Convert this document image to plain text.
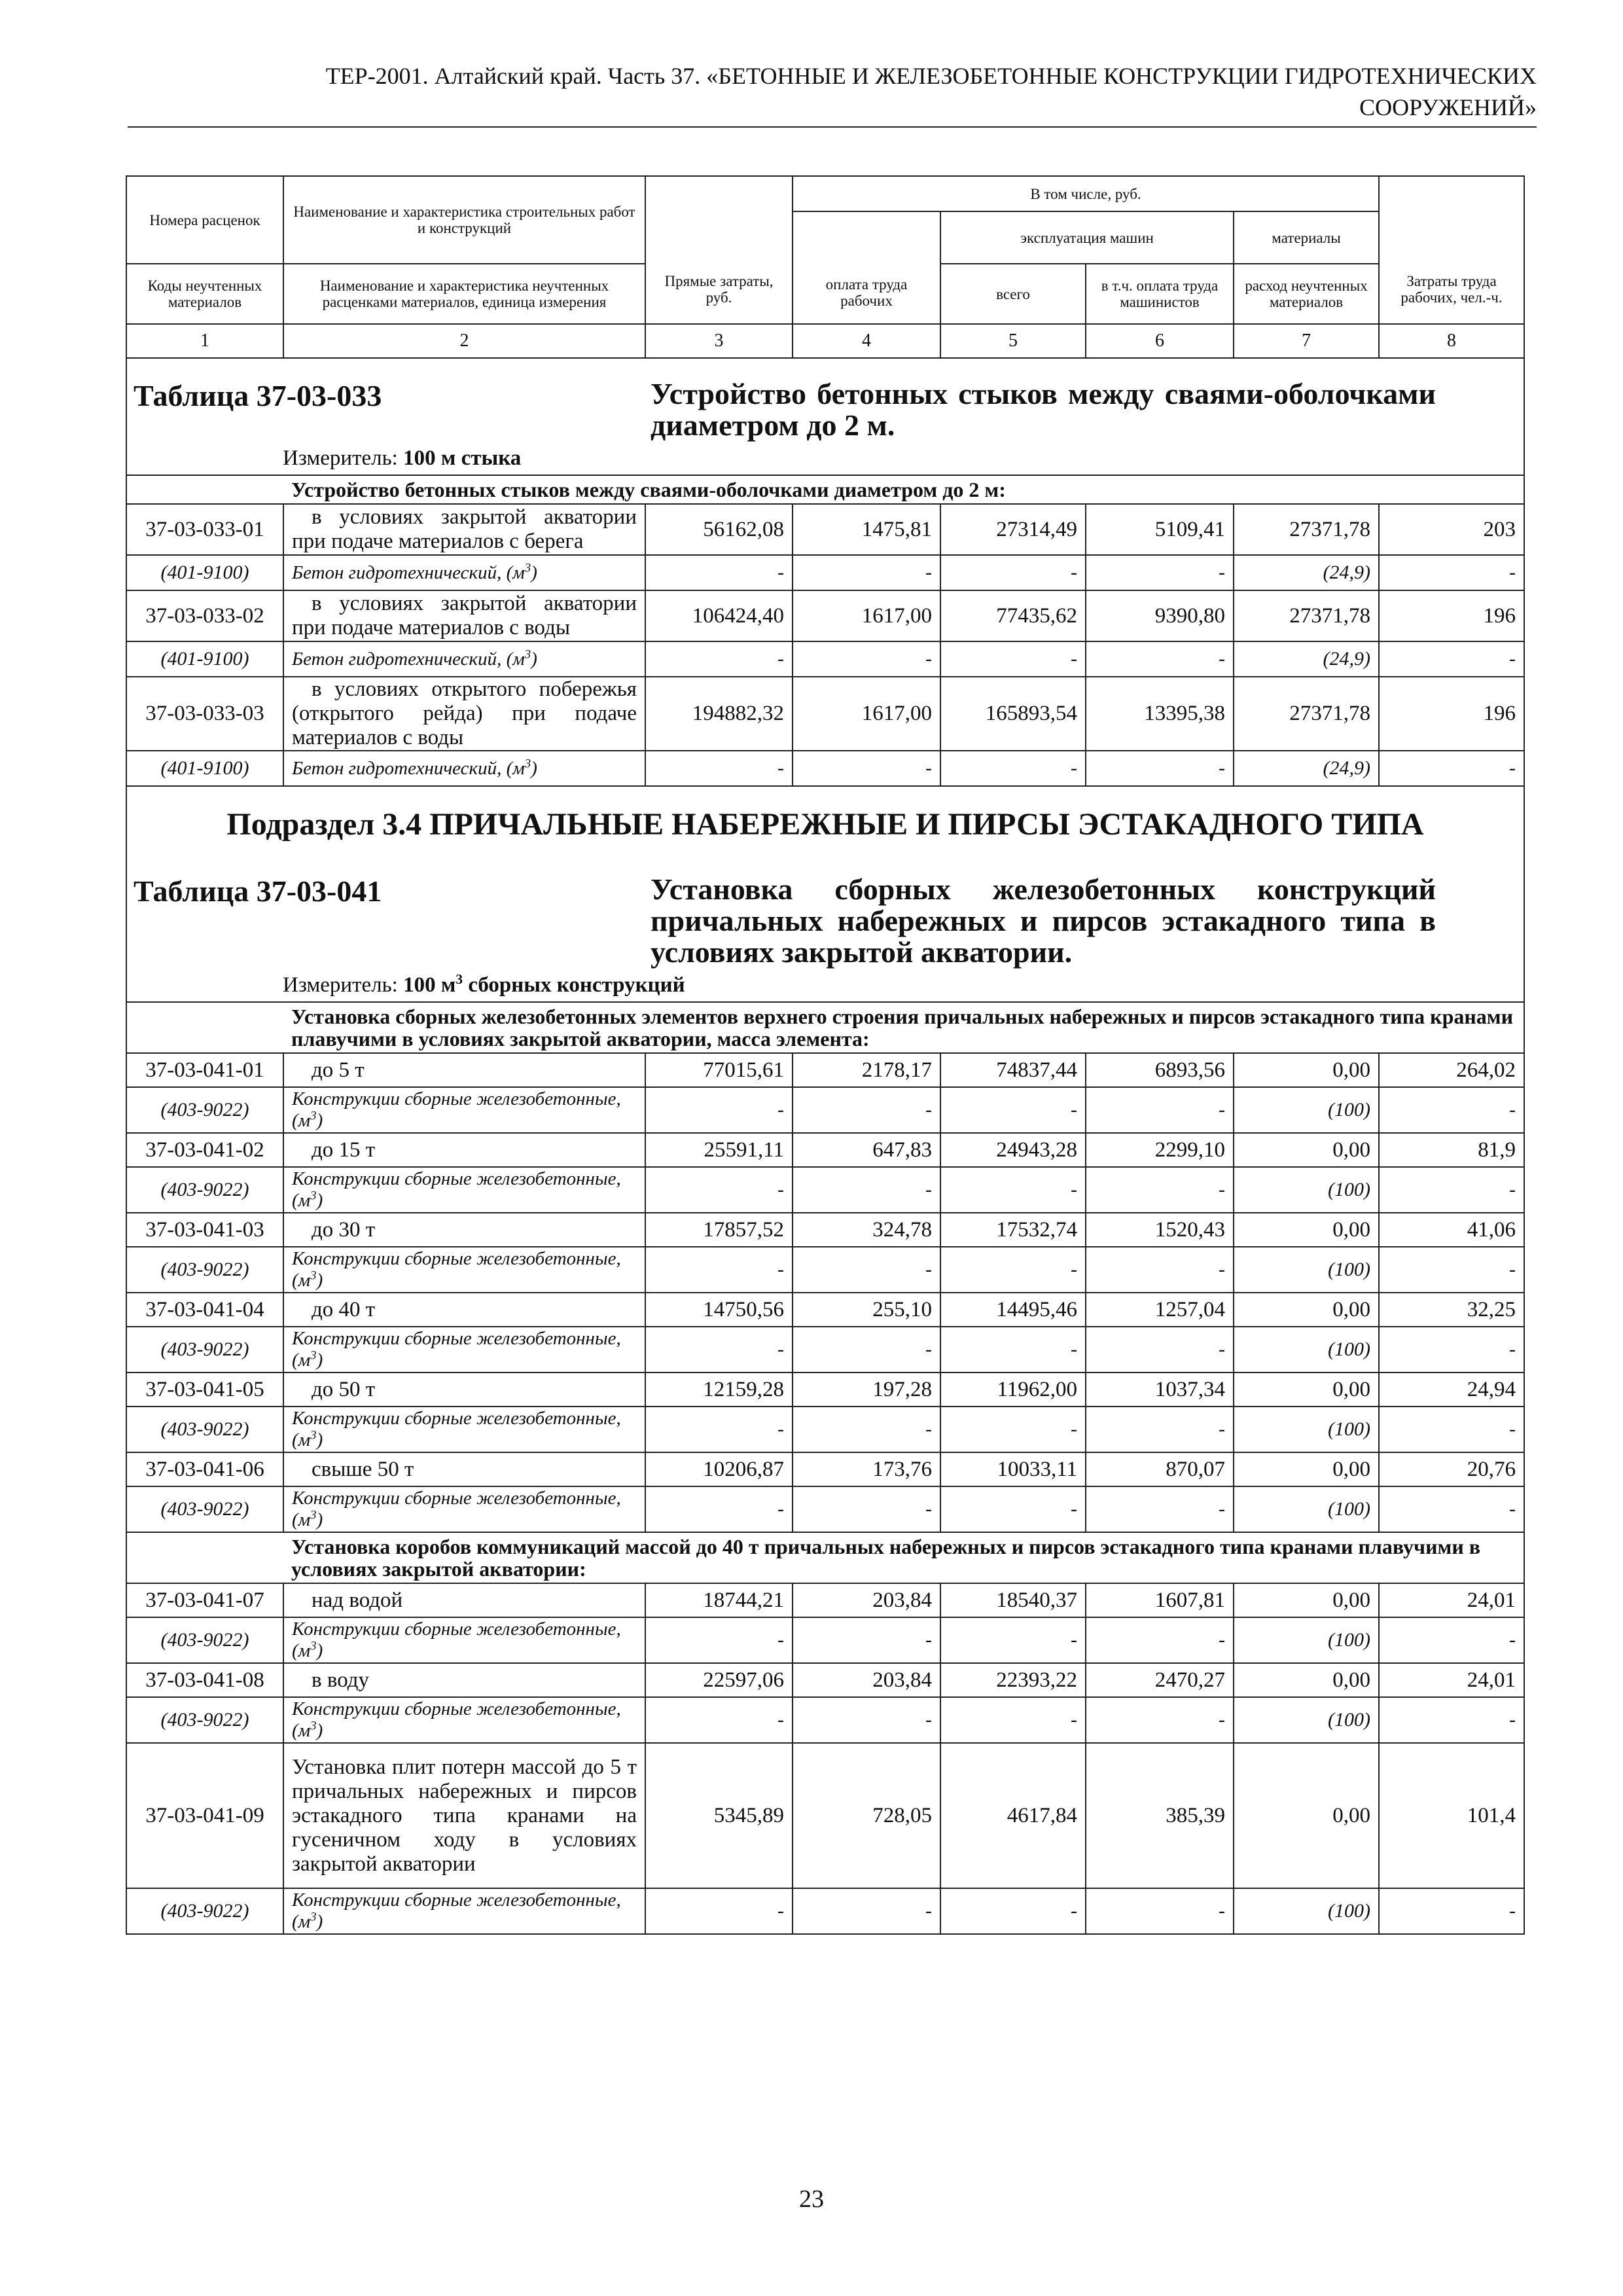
ТЕР-2001. Алтайский край. Часть 37. «БЕТОННЫЕ И ЖЕЛЕЗОБЕТОННЫЕ КОНСТРУКЦИИ ГИДРОТЕХНИЧЕСКИХ
СООРУЖЕНИЙ»
Номера расценок	Наименование и характеристика строительных работ и конструкций	Прямые затраты, руб.	В том числе, руб.				Затраты труда рабочих, чел.-ч.

			оплата труда рабочих	эксплуатация машин		материалы	
Коды неучтенных материалов	Наименование и характеристика неучтенных расценками материалов, единица измерения			всего	в т.ч. оплата труда машинистов	расход неучтенных материалов	
1	2	3	4	5	6	7	8

Таблица 37-03-033 Устройство бетонных стыков между сваями-оболочками диаметром до 2 м.
Измеритель: 100 м стыка							

	Устройство бетонных стыков между сваями-оболочками диаметром до 2 м:						

37-03-033-01	в условиях закрытой акватории при подаче материалов с берега	56162,08	1475,81	27314,49	5109,41	27371,78	203
(401-9100)	Бетон гидротехнический, $(м^3)$	-	-	-	-	(24,9)	-
37-03-033-02	в условиях закрытой акватории при подаче материалов с воды	106424,40	1617,00	77435,62	9390,80	27371,78	196
(401-9100)	Бетон гидротехнический, $(м^3)$	-	-	-	-	(24,9)	-
37-03-033-03	в условиях открытого побережья (открытого рейда) при подаче материалов с воды	194882,32	1617,00	165893,54	13395,38	27371,78	196
(401-9100)	Бетон гидротехнический, $(м^3)$	-	-	-	-	(24,9)	-

Подраздел 3.4 ПРИЧАЛЬНЫЕ НАБЕРЕЖНЫЕ И ПИРСЫ ЭСТАКАДНОГО ТИПА
Таблица 37-03-041 Установка сборных железобетонных конструкций причальных набережных и пирсов эстакадного типа в условиях закрытой акватории.
Измеритель: 100 $м^3$ сборных конструкций							

	Установка сборных железобетонных элементов верхнего строения причальных набережных и пирсов эстакадного типа кранами плавучими в условиях закрытой акватории, масса элемента:						

37-03-041-01	до 5 т	77015,61	2178,17	74837,44	6893,56	0,00	264,02
(403-9022)	Конструкции сборные железобетонные, $(м^3)$	-	-	-	-	(100)	-
37-03-041-02	до 15 т	25591,11	647,83	24943,28	2299,10	0,00	81,9
(403-9022)	Конструкции сборные железобетонные, $(м^3)$	-	-	-	-	(100)	-
37-03-041-03	до 30 т	17857,52	324,78	17532,74	1520,43	0,00	41,06
(403-9022)	Конструкции сборные железобетонные, $(м^3)$	-	-	-	-	(100)	-
37-03-041-04	до 40 т	14750,56	255,10	14495,46	1257,04	0,00	32,25
(403-9022)	Конструкции сборные железобетонные, $(м^3)$	-	-	-	-	(100)	-
37-03-041-05	до 50 т	12159,28	197,28	11962,00	1037,34	0,00	24,94
(403-9022)	Конструкции сборные железобетонные, $(м^3)$	-	-	-	-	(100)	-
37-03-041-06	свыше 50 т	10206,87	173,76	10033,11	870,07	0,00	20,76
(403-9022)	Конструкции сборные железобетонные, $(м^3)$	-	-	-	-	(100)	-

	Установка коробов коммуникаций массой до 40 т причальных набережных и пирсов эстакадного типа кранами плавучими в условиях закрытой акватории:						

37-03-041-07	над водой	18744,21	203,84	18540,37	1607,81	0,00	24,01
(403-9022)	Конструкции сборные железобетонные, $(м^3)$	-	-	-	-	(100)	-
37-03-041-08	в воду	22597,06	203,84	22393,22	2470,27	0,00	24,01
(403-9022)	Конструкции сборные железобетонные, $(м^3)$	-	-	-	-	(100)	-
37-03-041-09	Установка плит потерн массой до 5 т причальных набережных и пирсов эстакадного типа кранами на гусеничном ходу в условиях закрытой акватории	5345,89	728,05	4617,84	385,39	0,00	101,4
(403-9022)	Конструкции сборные железобетонные, $(м^3)$	-	-	-	-	(100)	-
23
